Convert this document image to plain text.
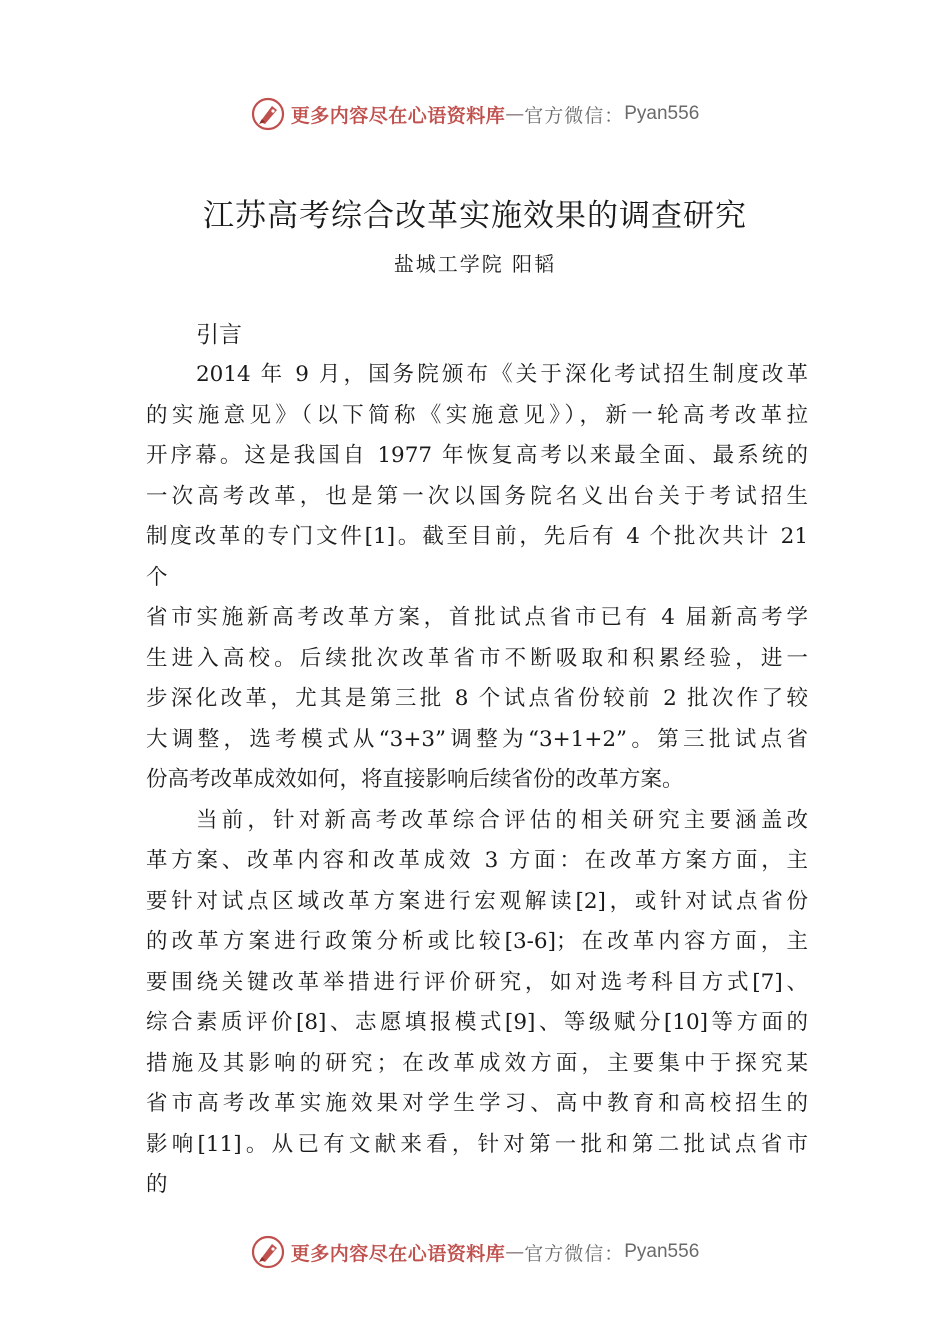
更多内容尽在心语资料库 — 官方微信： Pyan556
江苏高考综合改革实施效果的调查研究
盐城工学院 阳韬
引言
2014 年 9 月，国务院颁布《关于深化考试招生制度改革
的实施意见》（以下简称《实施意见》），新一轮高考改革拉
开序幕。这是我国自 1977 年恢复高考以来最全面、最系统的
一次高考改革，也是第一次以国务院名义出台关于考试招生
制度改革的专门文件[1]。截至目前，先后有 4 个批次共计 21
个
省市实施新高考改革方案，首批试点省市已有 4 届新高考学
生进入高校。后续批次改革省市不断吸取和积累经验，进一
步深化改革，尤其是第三批 8 个试点省份较前 2 批次作了较
大调整，选考模式从“3+3”调整为“3+1+2”。第三批试点省
份高考改革成效如何，将直接影响后续省份的改革方案。
当前，针对新高考改革综合评估的相关研究主要涵盖改
革方案、改革内容和改革成效 3 方面：在改革方案方面，主
要针对试点区域改革方案进行宏观解读[2]，或针对试点省份
的改革方案进行政策分析或比较[3-6]；在改革内容方面，主
要围绕关键改革举措进行评价研究，如对选考科目方式[7]、
综合素质评价[8]、志愿填报模式[9]、等级赋分[10]等方面的
措施及其影响的研究；在改革成效方面，主要集中于探究某
省市高考改革实施效果对学生学习、高中教育和高校招生的
影响[11]。从已有文献来看，针对第一批和第二批试点省市
的
更多内容尽在心语资料库 — 官方微信： Pyan556
